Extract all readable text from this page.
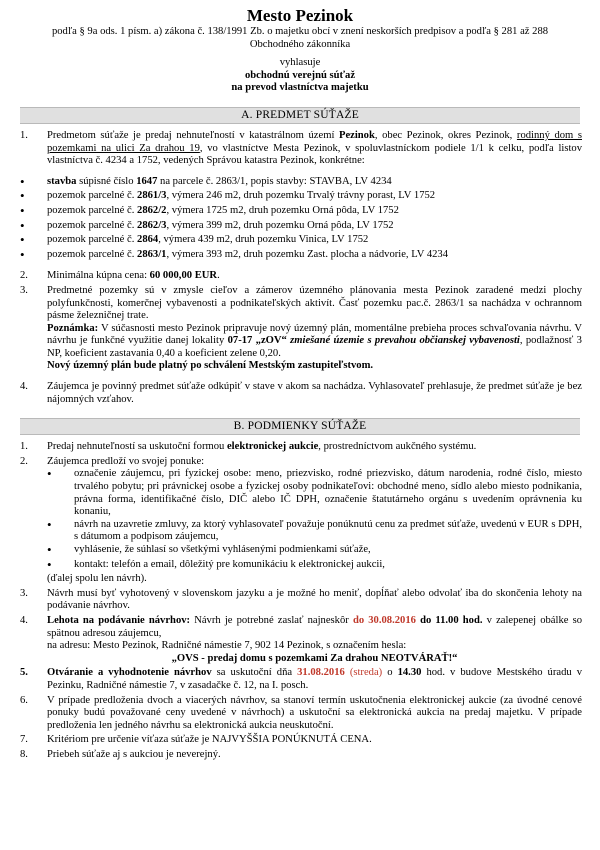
Mesto Pezinok
podľa § 9a ods. 1 písm. a) zákona č. 138/1991 Zb. o majetku obcí v znení neskorších predpisov a podľa § 281 až 288 Obchodného zákonníka
vyhlasuje
obchodnú verejnú súťaž
na prevod vlastníctva majetku
A. PREDMET SÚŤAŽE
1.	Predmetom súťaže je predaj nehnuteľností v katastrálnom území Pezinok, obec Pezinok, okres Pezinok, rodinný dom s pozemkami na ulici Za drahou 19, vo vlastníctve Mesta Pezinok, v spoluvlastníckom podiele 1/1 k celku, podľa listov vlastníctva č. 4234 a 1752, vedených Správou katastra Pezinok, konkrétne:
•
stavba súpisné číslo 1647 na parcele č. 2863/1, popis stavby: STAVBA, LV 4234
•
pozemok parcelné č. 2861/3, výmera 246 m2, druh pozemku Trvalý trávny porast, LV 1752
•
pozemok parcelné č. 2862/2, výmera 1725 m2, druh pozemku Orná pôda, LV 1752
•
pozemok parcelné č. 2862/3, výmera 399 m2, druh pozemku Orná pôda, LV 1752
•
pozemok parcelné č. 2864, výmera 439 m2, druh pozemku Vinica, LV 1752
•
pozemok parcelné č. 2863/1, výmera 393 m2, druh pozemku Zast. plocha a nádvorie, LV 4234
2.	Minimálna kúpna cena: 60 000,00 EUR.
3.	Predmetné pozemky sú v zmysle cieľov a zámerov územného plánovania mesta Pezinok zaradené medzi plochy polyfunkčnosti, komerčnej vybavenosti a podnikateľských aktivít. Časť pozemku pac.č. 2863/1 sa nachádza v ochrannom pásme železničnej trate.
Poznámka: V súčasnosti mesto Pezinok pripravuje nový územný plán, momentálne prebieha proces schvaľovania návrhu. V návrhu je funkčné využitie danej lokality 07-17 „zOV“ zmiešané územie s prevahou občianskej vybavenosti, podlažnosť 3 NP, koeficient zastavania 0,40 a koeficient zelene 0,20.
Nový územný plán bude platný po schválení Mestským zastupiteľstvom.
4.	Záujemca je povinný predmet súťaže odkúpiť v stave v akom sa nachádza. Vyhlasovateľ prehlasuje, že predmet súťaže je bez nájomných vzťahov.
B. PODMIENKY SÚŤAŽE
1.	Predaj nehnuteľností sa uskutoční formou elektronickej aukcie, prostredníctvom aukčného systému.
2.	Záujemca predloží vo svojej ponuke:
•
označenie záujemcu, pri fyzickej osobe: meno, priezvisko, rodné priezvisko, dátum narodenia, rodné číslo, miesto trvalého pobytu; pri právnickej osobe a fyzickej osoby podnikateľovi: obchodné meno, sídlo alebo miesto podnikania, právna forma, identifikačné číslo, DIČ alebo IČ DPH, označenie štatutárneho orgánu s uvedením oprávnenia ku konaniu,
•
návrh na uzavretie zmluvy, za ktorý vyhlasovateľ považuje ponúknutú cenu za predmet súťaže, uvedenú v EUR s DPH, s dátumom a podpisom záujemcu,
•
vyhlásenie, že súhlasí so všetkými vyhlásenými podmienkami súťaže,
•
kontakt: telefón a email, dôležitý pre komunikáciu k elektronickej aukcii,
(ďalej spolu len návrh).
3.	Návrh musí byť vyhotovený v slovenskom jazyku a je možné ho meniť, dopĺňať alebo odvolať iba do skončenia lehoty na podávanie návrhov.
4.	Lehota na podávanie návrhov: Návrh je potrebné zaslať najneskôr do 30.08.2016 do 11.00 hod. v zalepenej obálke so spätnou adresou záujemcu,
na adresu: Mesto Pezinok, Radničné námestie 7, 902 14 Pezinok, s označením hesla:
„OVS - predaj domu s pozemkami Za drahou NEOTVÁRAŤ!“
5.	Otváranie a vyhodnotenie návrhov sa uskutoční dňa 31.08.2016 (streda) o 14.30 hod. v budove Mestského úradu v Pezinku, Radničné námestie 7, v zasadačke č. 12, na I. posch.
6.	V prípade predloženia dvoch a viacerých návrhov, sa stanoví termín uskutočnenia elektronickej aukcie (za úvodné cenové ponuky budú považované ceny uvedené v návrhoch) a uskutoční sa elektronická aukcia na predaj majetku. V prípade predloženia len jedného návrhu sa elektronická aukcia neuskutoční.
7.	Kritériom pre určenie víťaza súťaže je NAJVYŠŠIA PONÚKNUTÁ CENA.
8.	Priebeh súťaže aj s aukciou je neverejný.
